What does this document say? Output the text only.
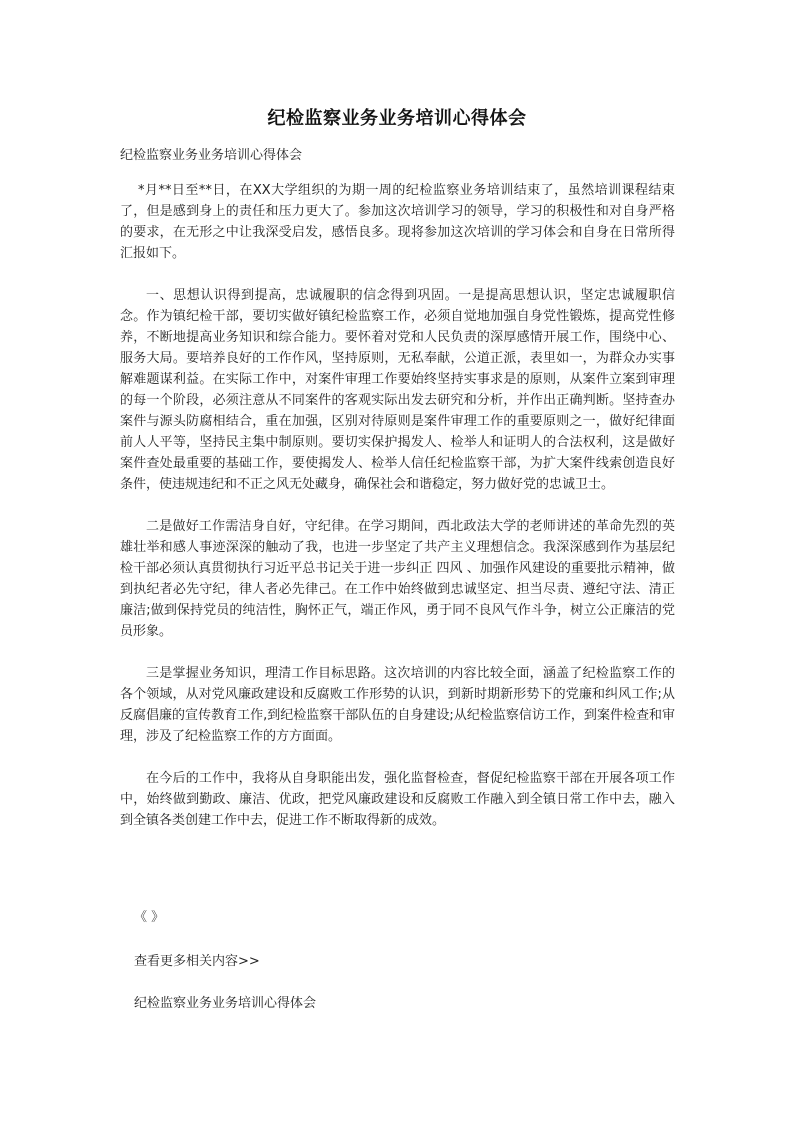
纪检监察业务业务培训心得体会
纪检监察业务业务培训心得体会

*月**日至**日，在XX大学组织的为期一周的纪检监察业务培训结束了，虽然培训课程结束了，但是感到身上的责任和压力更大了。参加这次培训学习的领导，学习的积极性和对自身严格的要求，在无形之中让我深受启发，感悟良多。现将参加这次培训的学习体会和自身在日常所得汇报如下。

一、思想认识得到提高，忠诚履职的信念得到巩固。一是提高思想认识，坚定忠诚履职信念。作为镇纪检干部，要切实做好镇纪检监察工作，必须自觉地加强自身党性锻炼，提高党性修养，不断地提高业务知识和综合能力。要怀着对党和人民负责的深厚感情开展工作，围绕中心、服务大局。要培养良好的工作作风，坚持原则，无私奉献，公道正派，表里如一，为群众办实事解难题谋利益。在实际工作中，对案件审理工作要始终坚持实事求是的原则，从案件立案到审理的每一个阶段，必须注意从不同案件的客观实际出发去研究和分析，并作出正确判断。坚持查办案件与源头防腐相结合，重在加强，区别对待原则是案件审理工作的重要原则之一，做好纪律面前人人平等，坚持民主集中制原则。要切实保护揭发人、检举人和证明人的合法权利，这是做好案件查处最重要的基础工作，要使揭发人、检举人信任纪检监察干部，为扩大案件线索创造良好条件，使违规违纪和不正之风无处藏身，确保社会和谐稳定，努力做好党的忠诚卫士。

二是做好工作需洁身自好，守纪律。在学习期间，西北政法大学的老师讲述的革命先烈的英雄壮举和感人事迹深深的触动了我，也进一步坚定了共产主义理想信念。我深深感到作为基层纪检干部必须认真贯彻执行习近平总书记关于进一步纠正 四风 、加强作风建设的重要批示精神，做到执纪者必先守纪，律人者必先律己。在工作中始终做到忠诚坚定、担当尽责、遵纪守法、清正廉洁;做到保持党员的纯洁性，胸怀正气，端正作风，勇于同不良风气作斗争，树立公正廉洁的党员形象。

三是掌握业务知识，理清工作目标思路。这次培训的内容比较全面，涵盖了纪检监察工作的各个领域，从对党风廉政建设和反腐败工作形势的认识，到新时期新形势下的党廉和纠风工作;从反腐倡廉的宣传教育工作,到纪检监察干部队伍的自身建设;从纪检监察信访工作，到案件检查和审理，涉及了纪检监察工作的方方面面。

在今后的工作中，我将从自身职能出发，强化监督检查，督促纪检监察干部在开展各项工作中，始终做到勤政、廉洁、优政，把党风廉政建设和反腐败工作融入到全镇日常工作中去，融入到全镇各类创建工作中去，促进工作不断取得新的成效。

《 》
查看更多相关内容>>
纪检监察业务业务培训心得体会
